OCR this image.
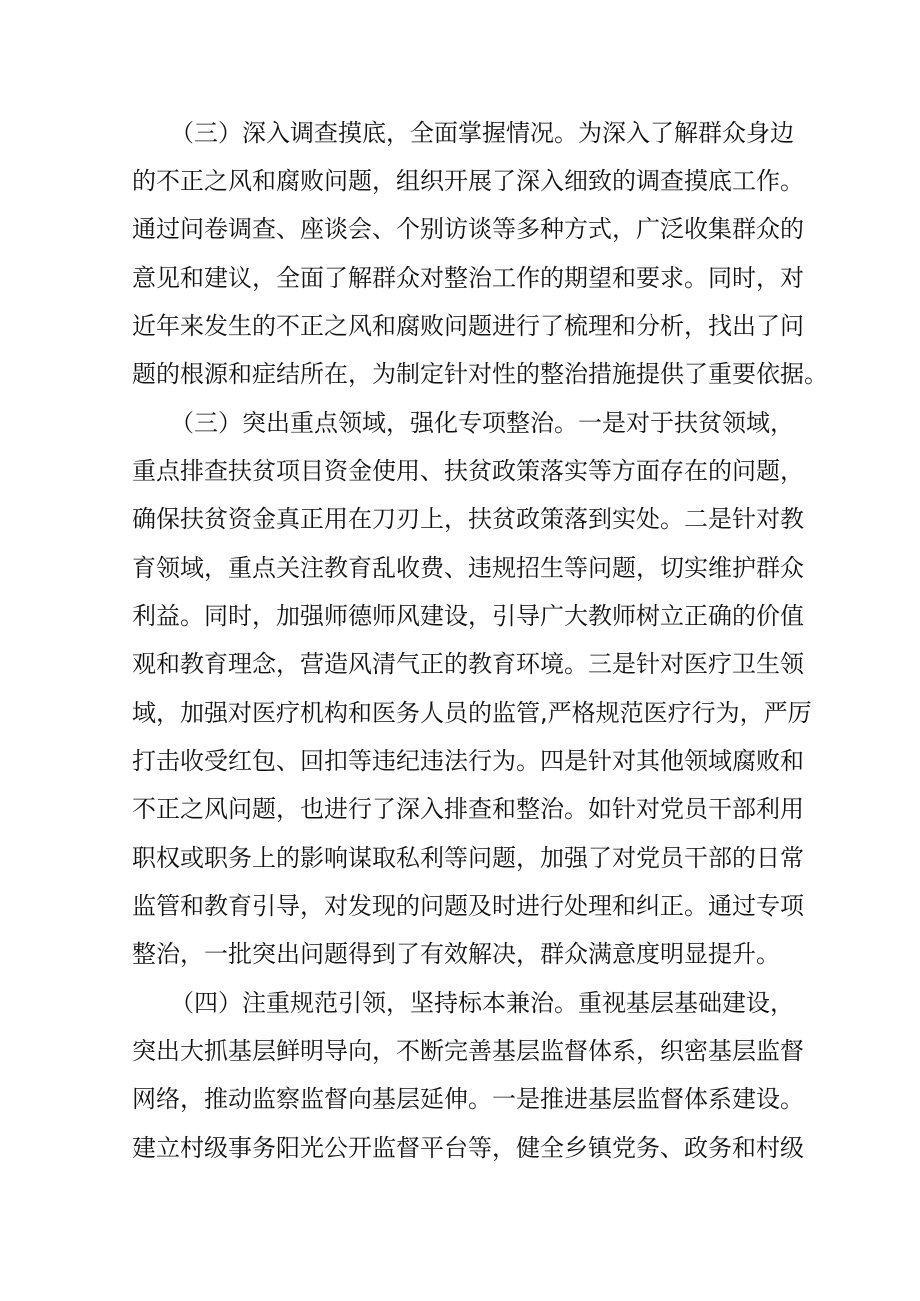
（三）深入调查摸底，全面掌握情况。为深入了解群众身边
的不正之风和腐败问题，组织开展了深入细致的调查摸底工作。
通过问卷调查、座谈会、个别访谈等多种方式，广泛收集群众的
意见和建议，全面了解群众对整治工作的期望和要求。同时，对
近年来发生的不正之风和腐败问题进行了梳理和分析，找出了问
题的根源和症结所在，为制定针对性的整治措施提供了重要依据。
（三）突出重点领域，强化专项整治。一是对于扶贫领域，
重点排查扶贫项目资金使用、扶贫政策落实等方面存在的问题，
确保扶贫资金真正用在刀刃上，扶贫政策落到实处。二是针对教
育领域，重点关注教育乱收费、违规招生等问题，切实维护群众
利益。同时，加强师德师风建设，引导广大教师树立正确的价值
观和教育理念，营造风清气正的教育环境。三是针对医疗卫生领
域，加强对医疗机构和医务人员的监管,严格规范医疗行为，严厉
打击收受红包、回扣等违纪违法行为。四是针对其他领域腐败和
不正之风问题，也进行了深入排查和整治。如针对党员干部利用
职权或职务上的影响谋取私利等问题，加强了对党员干部的日常
监管和教育引导，对发现的问题及时进行处理和纠正。通过专项
整治，一批突出问题得到了有效解决，群众满意度明显提升。
（四）注重规范引领，坚持标本兼治。重视基层基础建设，
突出大抓基层鲜明导向，不断完善基层监督体系，织密基层监督
网络，推动监察监督向基层延伸。一是推进基层监督体系建设。
建立村级事务阳光公开监督平台等，健全乡镇党务、政务和村级
